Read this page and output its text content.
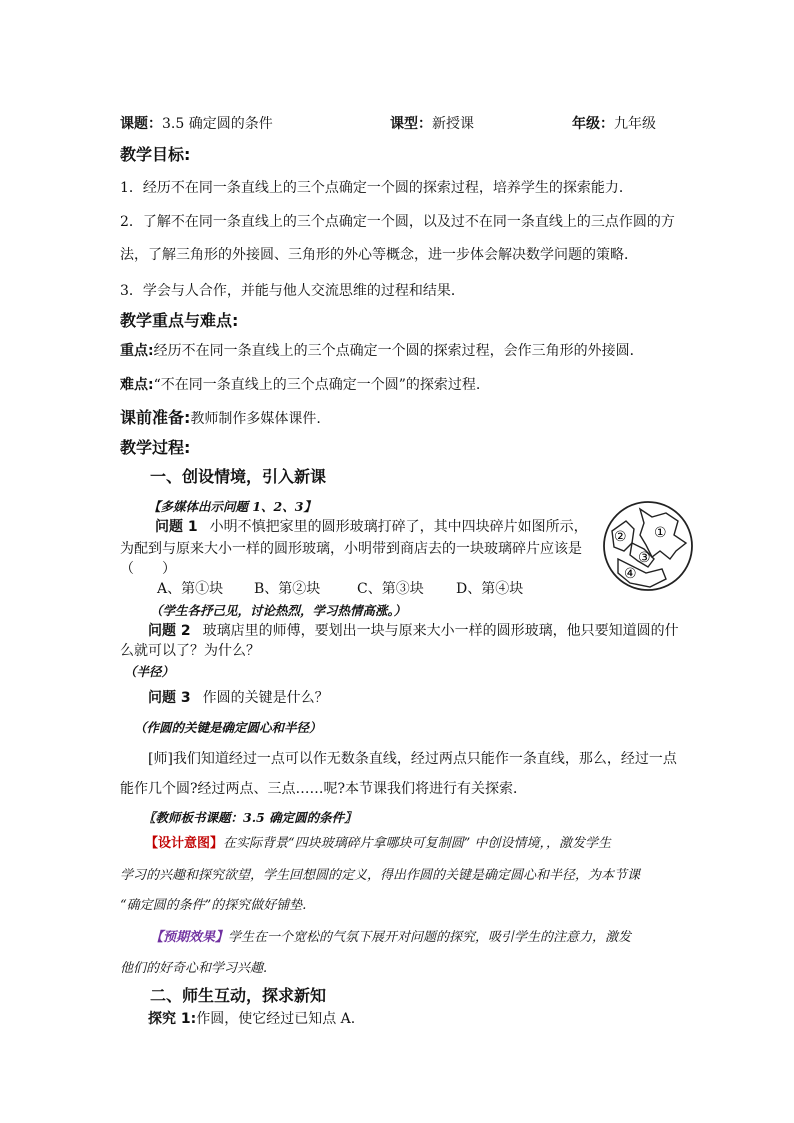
课题：3.5 确定圆的条件	课型：新授课	年级：九年级
教学目标:
1．经历不在同一条直线上的三个点确定一个圆的探索过程，培养学生的探索能力．
2．了解不在同一条直线上的三个点确定一个圆，以及过不在同一条直线上的三点作圆的方
法，了解三角形的外接圆、三角形的外心等概念，进一步体会解决数学问题的策略．
3．学会与人合作，并能与他人交流思维的过程和结果．
教学重点与难点:
重点:经历不在同一条直线上的三个点确定一个圆的探索过程，会作三角形的外接圆．
难点:“不在同一条直线上的三个点确定一个圆”的探索过程.
课前准备:教师制作多媒体课件.
教学过程:
一、创设情境，引入新课
【多媒体出示问题 1、2、3】
问题 1 小明不慎把家里的圆形玻璃打碎了，其中四块碎片如图所示，
为配到与原来大小一样的圆形玻璃，小明带到商店去的一块玻璃碎片应该是
（　　）
A、第①块 B、第②块	C、第③块 D、第④块
（学生各抒己见，讨论热烈，学习热情高涨。）
问题 2 玻璃店里的师傅，要划出一块与原来大小一样的圆形玻璃，他只要知道圆的什
么就可以了？为什么？
（半径）
问题 3 作圆的关键是什么？
（作圆的关键是确定圆心和半径）
[师]我们知道经过一点可以作无数条直线，经过两点只能作一条直线，那么，经过一点
能作几个圆?经过两点、三点……呢?本节课我们将进行有关探索．
〖教师板书课题：3.5 确定圆的条件〗
【设计意图】在实际背景“四块玻璃碎片拿哪块可复制圆” 中创设情境，，激发学生
学习的兴趣和探究欲望，学生回想圆的定义，得出作圆的关键是确定圆心和半径，为本节课
“确定圆的条件”的探究做好铺垫.
【预期效果】学生在一个宽松的气氛下展开对问题的探究，吸引学生的注意力，激发
他们的好奇心和学习兴趣.
二、师生互动，探求新知
探究 1:作圆，使它经过已知点 A.
①
②
③
④
